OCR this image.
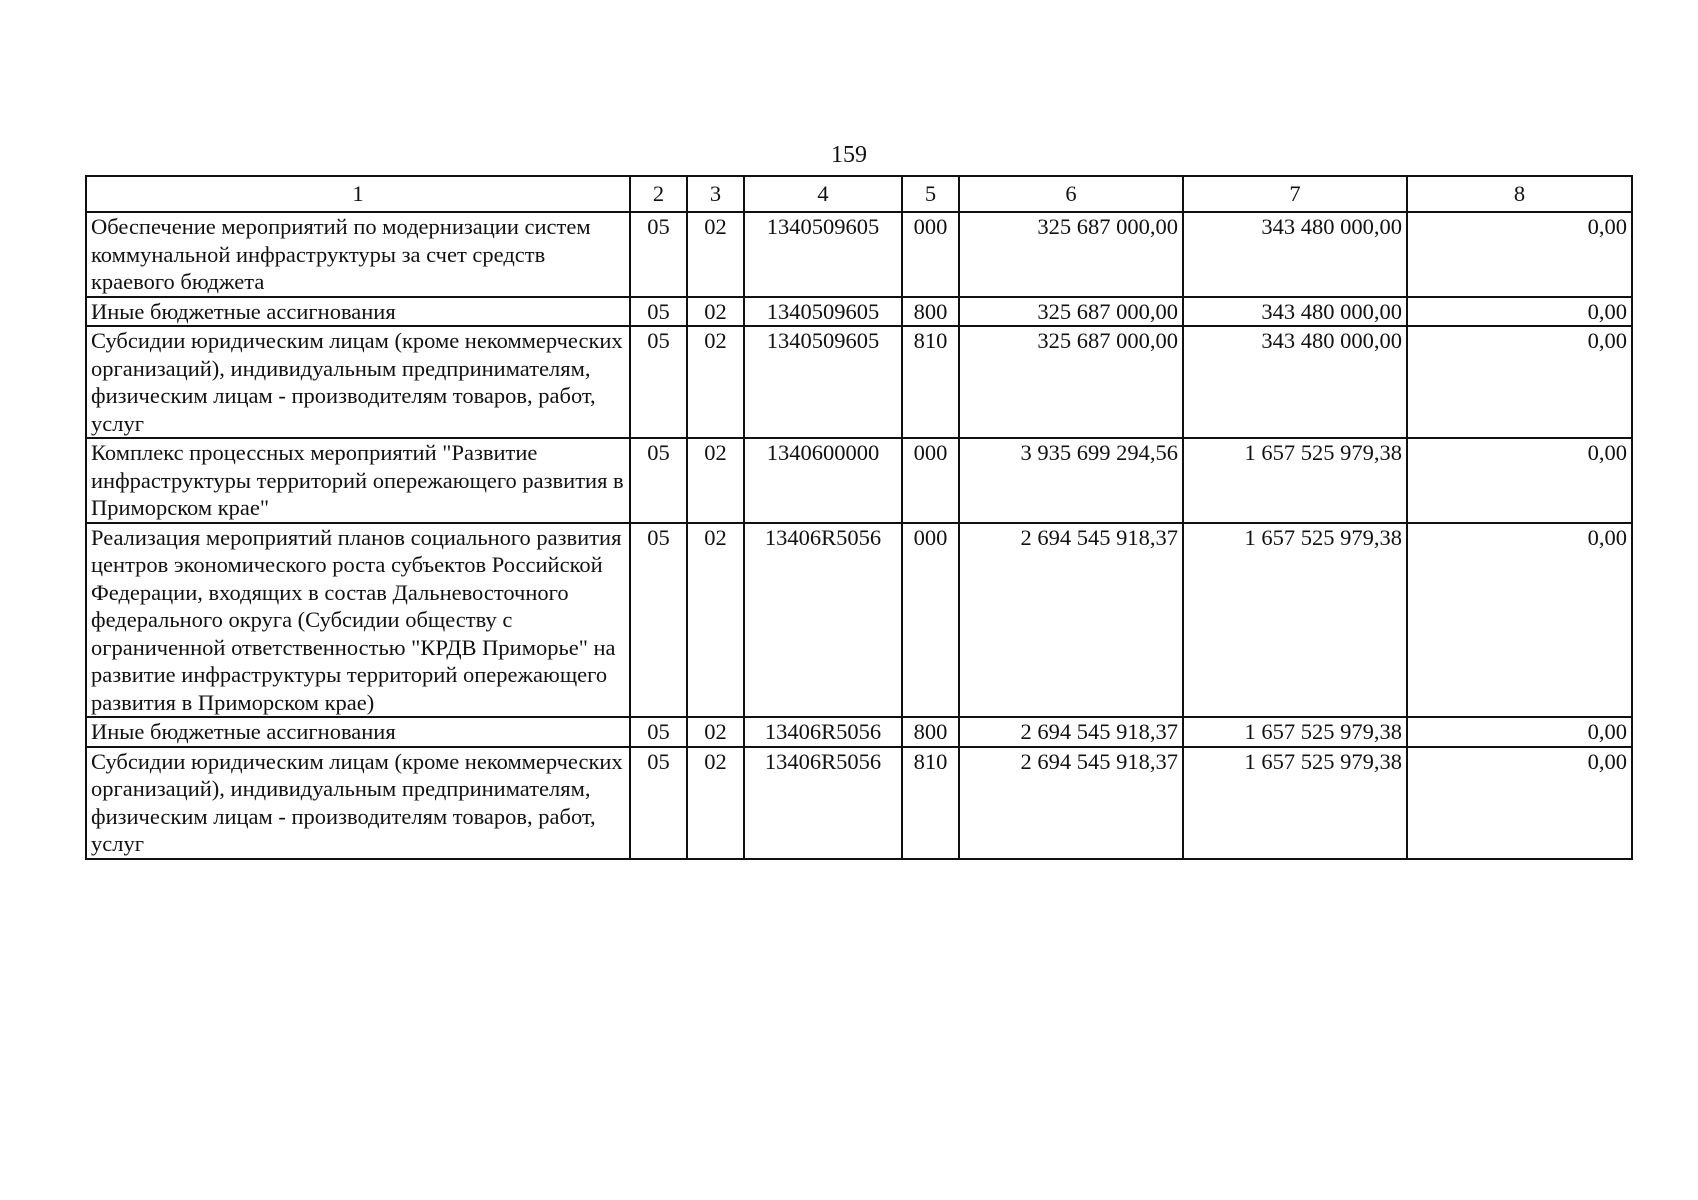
159
1	2	3	4	5	6	7	8
Обеспечение мероприятий по модернизации систем коммунальной инфраструктуры за счет средств краевого бюджета	05	02	1340509605	000	325 687 000,00	343 480 000,00	0,00
Иные бюджетные ассигнования	05	02	1340509605	800	325 687 000,00	343 480 000,00	0,00
Субсидии юридическим лицам (кроме некоммерческих организаций), индивидуальным предпринимателям, физическим лицам - производителям товаров, работ, услуг	05	02	1340509605	810	325 687 000,00	343 480 000,00	0,00
Комплекс процессных мероприятий "Развитие инфраструктуры территорий опережающего развития в Приморском крае"	05	02	1340600000	000	3 935 699 294,56	1 657 525 979,38	0,00
Реализация мероприятий планов социального развития центров экономического роста субъектов Российской Федерации, входящих в состав Дальневосточного федерального округа (Субсидии обществу с ограниченной ответственностью "КРДВ Приморье" на развитие инфраструктуры территорий опережающего развития в Приморском крае)	05	02	13406R5056	000	2 694 545 918,37	1 657 525 979,38	0,00
Иные бюджетные ассигнования	05	02	13406R5056	800	2 694 545 918,37	1 657 525 979,38	0,00
Субсидии юридическим лицам (кроме некоммерческих организаций), индивидуальным предпринимателям, физическим лицам - производителям товаров, работ, услуг	05	02	13406R5056	810	2 694 545 918,37	1 657 525 979,38	0,00
